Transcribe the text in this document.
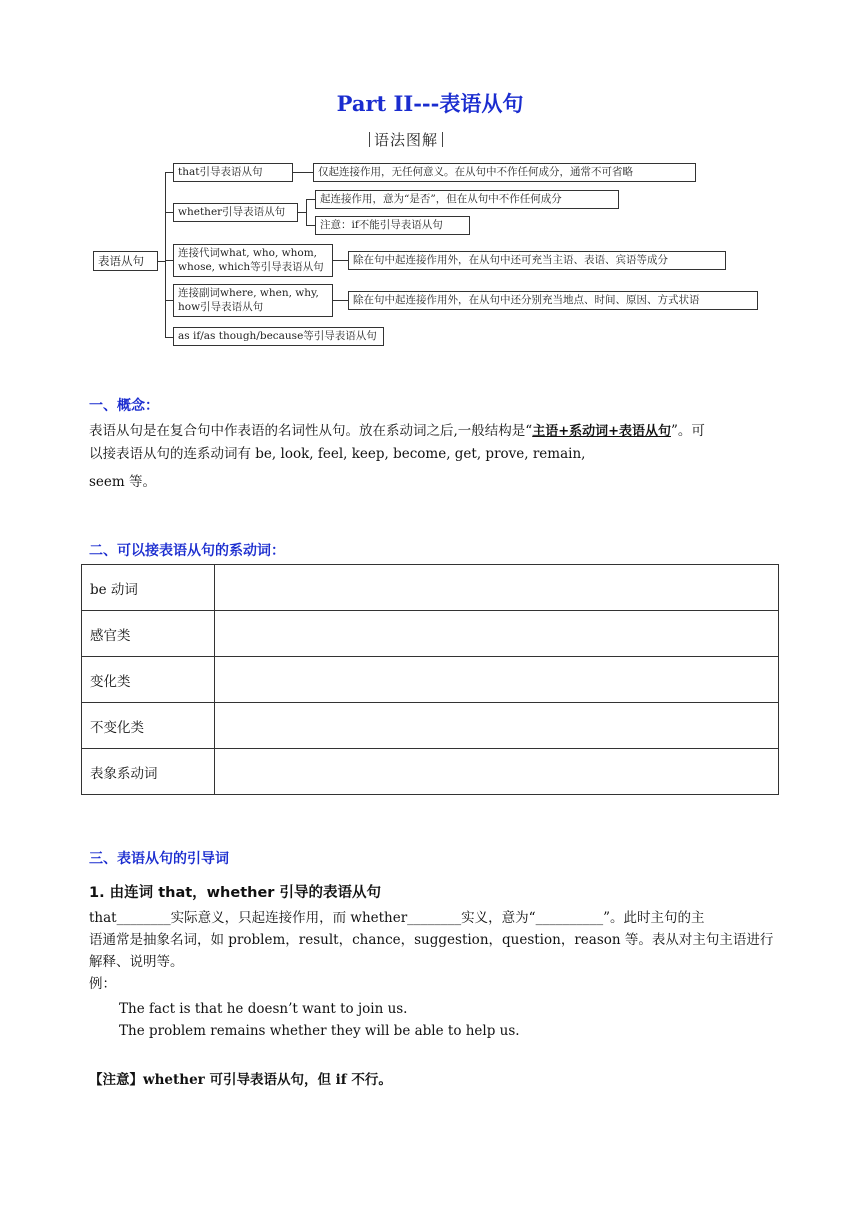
Part II---表语从句
语法图解
表语从句
that引导表语从句	仅起连接作用，无任何意义。在从句中不作任何成分，通常不可省略
whether引导表语从句
起连接作用，意为“是否”，但在从句中不作任何成分
注意：if不能引导表语从句
连接代词what, who, whom,
whose, which等引导表语从句
除在句中起连接作用外，在从句中还可充当主语、表语、宾语等成分
连接副词where, when, why,
how引导表语从句
除在句中起连接作用外，在从句中还分别充当地点、时间、原因、方式状语
as if/as though/because等引导表语从句
一、概念：
表语从句是在复合句中作表语的名词性从句。放在系动词之后,一般结构是“主语+系动词+表语从句”。可
以接表语从句的连系动词有 be, look, feel, keep, become, get, prove, remain,
seem 等。
二、可以接表语从句的系动词：
be 动词	
感官类	
变化类	
不变化类	
表象系动词	
三、表语从句的引导词
1. 由连词 that，whether 引导的表语从句
that________实际意义，只起连接作用，而 whether________实义，意为“__________”。此时主句的主
语通常是抽象名词，如 problem，result，chance，suggestion，question，reason 等。表从对主句主语进行
解释、说明等。
例：
The fact is that he doesn’t want to join us.
The problem remains whether they will be able to help us.
【注意】whether 可引导表语从句，但 if 不行。
